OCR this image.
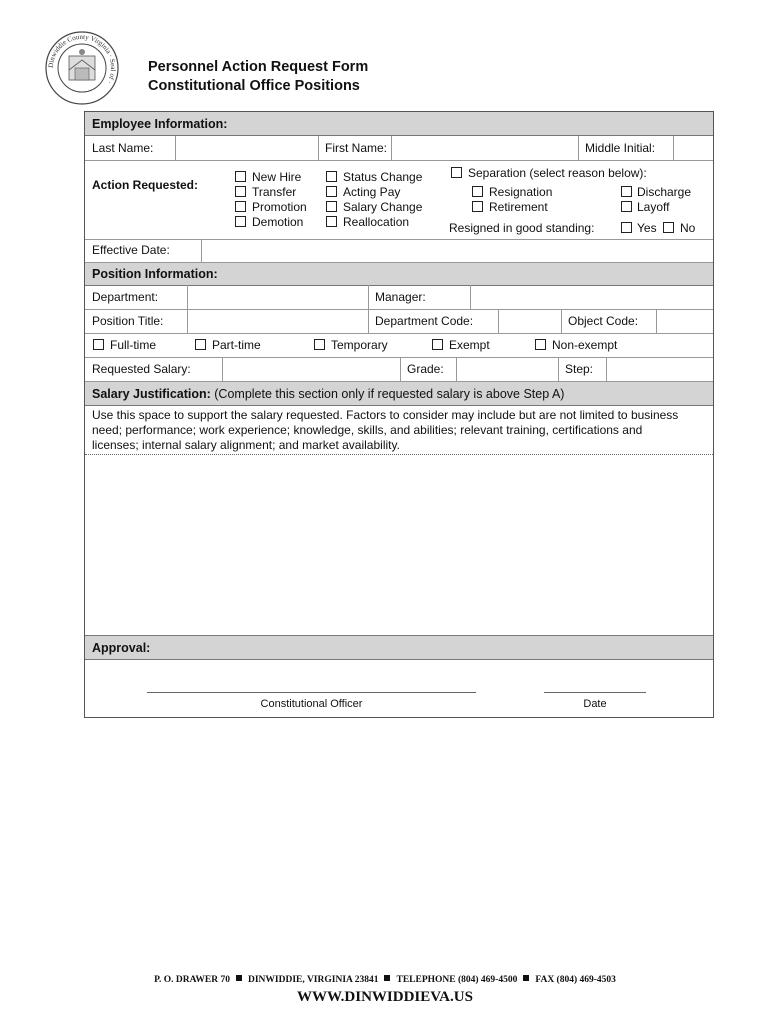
Dinwiddie County Virginia · Seal of ·
Personnel Action Request Form
Constitutional Office Positions
Employee Information:
Last Name:	First Name:	Middle Initial:
Action Requested:
New Hire
Transfer
Promotion
Demotion
Status Change
Acting Pay
Salary Change
Reallocation
Separation (select reason below):
Resignation
Retirement
Discharge
Layoff
Resigned in good standing:	Yes No
Effective Date:
Position Information:
Department:	Manager:
Position Title:	Department Code:	Object Code:
Full-time	Part-time	Temporary	Exempt	Non-exempt
Requested Salary:	Grade:	Step:
Salary Justification: (Complete this section only if requested salary is above Step A)
Use this space to support the salary requested. Factors to consider may include but are not limited to business
need; performance; work experience; knowledge, skills, and abilities; relevant training, certifications and
licenses; internal salary alignment; and market availability.
Approval:
Constitutional Officer	Date
P. O. DRAWER 70 DINWIDDIE, VIRGINIA 23841 TELEPHONE (804) 469-4500 FAX (804) 469-4503
WWW.DINWIDDIEVA.US
